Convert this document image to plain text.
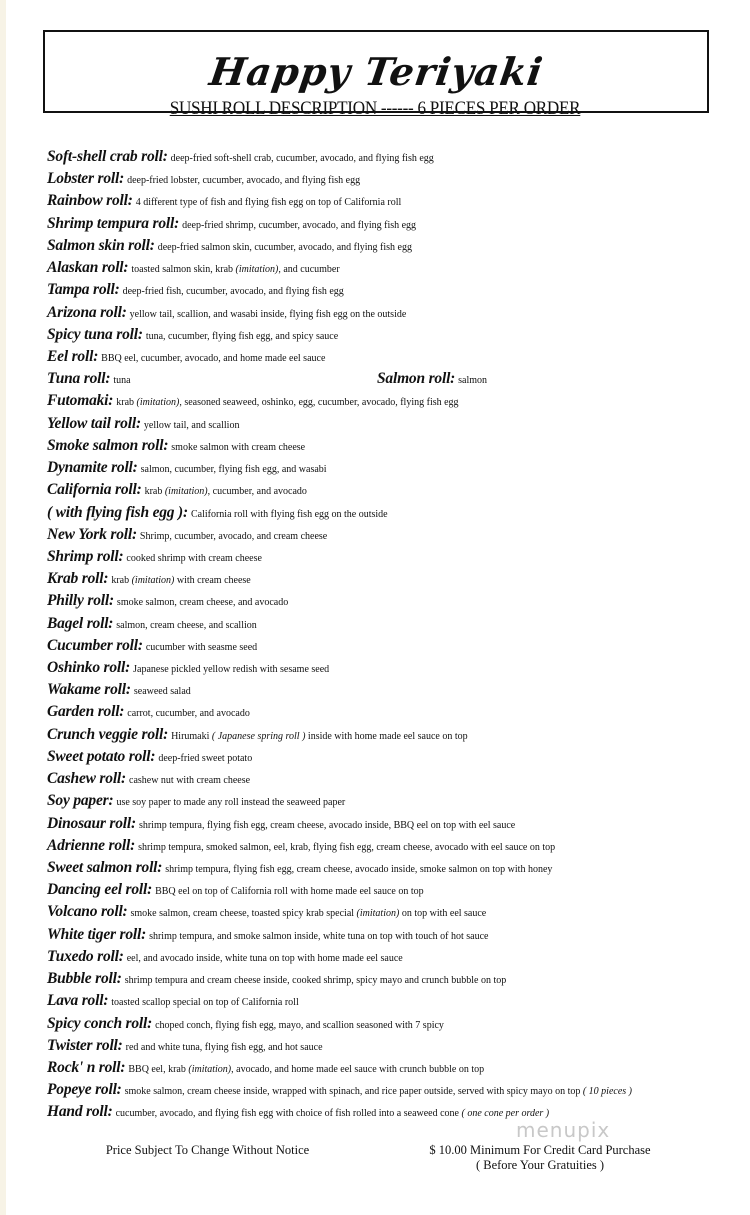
Happy Teriyaki
SUSHI ROLL DESCRIPTION ------ 6 PIECES PER ORDER
Soft-shell crab roll: deep-fried soft-shell crab, cucumber, avocado, and flying fish egg
Lobster roll: deep-fried lobster, cucumber, avocado, and flying fish egg
Rainbow roll: 4 different type of fish and flying fish egg on top of California roll
Shrimp tempura roll: deep-fried shrimp, cucumber, avocado, and flying fish egg
Salmon skin roll: deep-fried salmon skin, cucumber, avocado, and flying fish egg
Alaskan roll: toasted salmon skin, krab (imitation), and cucumber
Tampa roll: deep-fried fish, cucumber, avocado, and flying fish egg
Arizona roll: yellow tail, scallion, and wasabi inside, flying fish egg on the outside
Spicy tuna roll: tuna, cucumber, flying fish egg, and spicy sauce
Eel roll: BBQ eel, cucumber, avocado, and home made eel sauce
Tuna roll: tuna	Salmon roll: salmon
Futomaki: krab (imitation), seasoned seaweed, oshinko, egg, cucumber, avocado, flying fish egg
Yellow tail roll: yellow tail, and scallion
Smoke salmon roll: smoke salmon with cream cheese
Dynamite roll: salmon, cucumber, flying fish egg, and wasabi
California roll: krab (imitation), cucumber, and avocado
( with flying fish egg ): California roll with flying fish egg on the outside
New York roll: Shrimp, cucumber, avocado, and cream cheese
Shrimp roll: cooked shrimp with cream cheese
Krab roll: krab (imitation) with cream cheese
Philly roll: smoke salmon, cream cheese, and avocado
Bagel roll: salmon, cream cheese, and scallion
Cucumber roll: cucumber with seasme seed
Oshinko roll: Japanese pickled yellow redish with sesame seed
Wakame roll: seaweed salad
Garden roll: carrot, cucumber, and avocado
Crunch veggie roll: Hirumaki ( Japanese spring roll ) inside with home made eel sauce on top
Sweet potato roll: deep-fried sweet potato
Cashew roll: cashew nut with cream cheese
Soy paper: use soy paper to made any roll instead the seaweed paper
Dinosaur roll: shrimp tempura, flying fish egg, cream cheese, avocado inside, BBQ eel on top with eel sauce
Adrienne roll: shrimp tempura, smoked salmon, eel, krab, flying fish egg, cream cheese, avocado with eel sauce on top
Sweet salmon roll: shrimp tempura, flying fish egg, cream cheese, avocado inside, smoke salmon on top with honey
Dancing eel roll: BBQ eel on top of California roll with home made eel sauce on top
Volcano roll: smoke salmon, cream cheese, toasted spicy krab special (imitation) on top with eel sauce
White tiger roll: shrimp tempura, and smoke salmon inside, white tuna on top with touch of hot sauce
Tuxedo roll: eel, and avocado inside, white tuna on top with home made eel sauce
Bubble roll: shrimp tempura and cream cheese inside, cooked shrimp, spicy mayo and crunch bubble on top
Lava roll: toasted scallop special on top of California roll
Spicy conch roll: choped conch, flying fish egg, mayo, and scallion seasoned with 7 spicy
Twister roll: red and white tuna, flying fish egg, and hot sauce
Rock' n roll: BBQ eel, krab (imitation), avocado, and home made eel sauce with crunch bubble on top
Popeye roll: smoke salmon, cream cheese inside, wrapped with spinach, and rice paper outside, served with spicy mayo on top ( 10 pieces )
Hand roll: cucumber, avocado, and flying fish egg with choice of fish rolled into a seaweed cone ( one cone per order )
Price Subject To Change Without Notice	$ 10.00 Minimum For Credit Card Purchase
( Before Your Gratuities )
menupix
